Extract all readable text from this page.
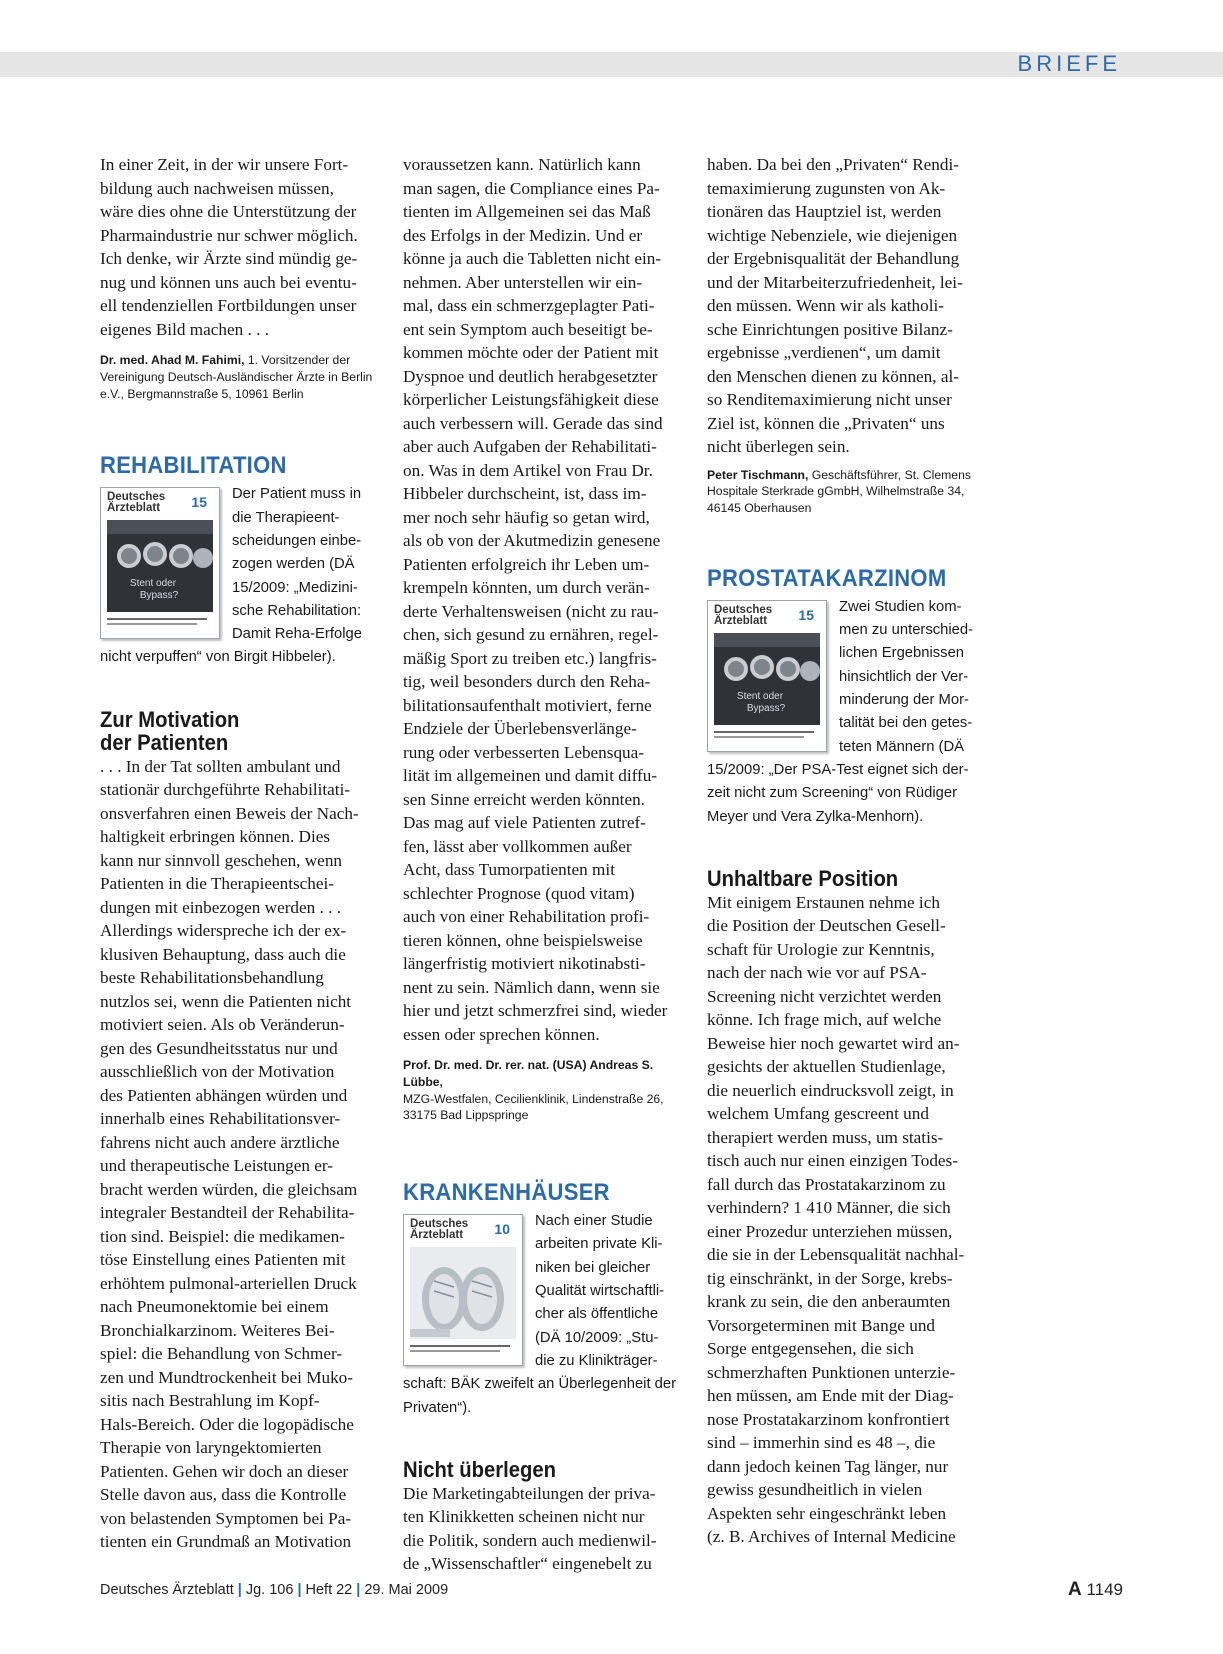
BRIEFE

In einer Zeit, in der wir unsere Fort-
bildung auch nachweisen müssen,
wäre dies ohne die Unterstützung der
Pharmaindustrie nur schwer möglich.
Ich denke, wir Ärzte sind mündig ge-
nug und können uns auch bei eventu-
ell tendenziellen Fortbildungen unser
eigenes Bild machen . . .

Dr. med. Ahad M. Fahimi, 1. Vorsitzender der
Vereinigung Deutsch-Ausländischer Ärzte in Berlin
e.V., Bergmannstraße 5, 10961 Berlin

REHABILITATION
Deutsches
Ärzteblatt	15
Stent oder
Bypass?

Der Patient muss in
die Therapieent-
scheidungen einbe-
zogen werden (DÄ
15/2009: „Medizini-
sche Rehabilitation:
Damit Reha-Erfolge

nicht verpuffen“ von Birgit Hibbeler).

Zur Motivation
der Patienten

. . . In der Tat sollten ambulant und
stationär durchgeführte Rehabilitati-
onsverfahren einen Beweis der Nach-
haltigkeit erbringen können. Dies
kann nur sinnvoll geschehen, wenn
Patienten in die Therapieentschei-
dungen mit einbezogen werden . . .
Allerdings widerspreche ich der ex-
klusiven Behauptung, dass auch die
beste Rehabilitationsbehandlung
nutzlos sei, wenn die Patienten nicht
motiviert seien. Als ob Veränderun-
gen des Gesundheitsstatus nur und
ausschließlich von der Motivation
des Patienten abhängen würden und
innerhalb eines Rehabilitationsver-
fahrens nicht auch andere ärztliche
und therapeutische Leistungen er-
bracht werden würden, die gleichsam
integraler Bestandteil der Rehabilita-
tion sind. Beispiel: die medikamen-
töse Einstellung eines Patienten mit
erhöhtem pulmonal-arteriellen Druck
nach Pneumonektomie bei einem
Bronchialkarzinom. Weiteres Bei-
spiel: die Behandlung von Schmer-
zen und Mundtrockenheit bei Muko-
sitis nach Bestrahlung im Kopf-
Hals-Bereich. Oder die logopädische
Therapie von laryngektomierten
Patienten. Gehen wir doch an dieser
Stelle davon aus, dass die Kontrolle
von belastenden Symptomen bei Pa-
tienten ein Grundmaß an Motivation

voraussetzen kann. Natürlich kann
man sagen, die Compliance eines Pa-
tienten im Allgemeinen sei das Maß
des Erfolgs in der Medizin. Und er
könne ja auch die Tabletten nicht ein-
nehmen. Aber unterstellen wir ein-
mal, dass ein schmerzgeplagter Pati-
ent sein Symptom auch beseitigt be-
kommen möchte oder der Patient mit
Dyspnoe und deutlich herabgesetzter
körperlicher Leistungsfähigkeit diese
auch verbessern will. Gerade das sind
aber auch Aufgaben der Rehabilitati-
on. Was in dem Artikel von Frau Dr.
Hibbeler durchscheint, ist, dass im-
mer noch sehr häufig so getan wird,
als ob von der Akutmedizin genesene
Patienten erfolgreich ihr Leben um-
krempeln könnten, um durch verän-
derte Verhaltensweisen (nicht zu rau-
chen, sich gesund zu ernähren, regel-
mäßig Sport zu treiben etc.) langfris-
tig, weil besonders durch den Reha-
bilitationsaufenthalt motiviert, ferne
Endziele der Überlebensverlänge-
rung oder verbesserten Lebensqua-
lität im allgemeinen und damit diffu-
sen Sinne erreicht werden könnten.
Das mag auf viele Patienten zutref-
fen, lässt aber vollkommen außer
Acht, dass Tumorpatienten mit
schlechter Prognose (quod vitam)
auch von einer Rehabilitation profi-
tieren können, ohne beispielsweise
längerfristig motiviert nikotinabsti-
nent zu sein. Nämlich dann, wenn sie
hier und jetzt schmerzfrei sind, wieder
essen oder sprechen können.

Prof. Dr. med. Dr. rer. nat. (USA) Andreas S. Lübbe,
MZG-Westfalen, Cecilienklinik, Lindenstraße 26,
33175 Bad Lippspringe

KRANKENHÄUSER
Deutsches
Ärzteblatt	10 Nach einer Studie
arbeiten private Kli-
niken bei gleicher
Qualität wirtschaftli-
cher als öffentliche
(DÄ 10/2009: „Stu-
die zu Klinikträger-

schaft: BÄK zweifelt an Überlegenheit der
Privaten“).

Nicht überlegen

Die Marketingabteilungen der priva-
ten Klinikketten scheinen nicht nur
die Politik, sondern auch medienwil-
de „Wissenschaftler“ eingenebelt zu

haben. Da bei den „Privaten“ Rendi-
temaximierung zugunsten von Ak-
tionären das Hauptziel ist, werden
wichtige Nebenziele, wie diejenigen
der Ergebnisqualität der Behandlung
und der Mitarbeiterzufriedenheit, lei-
den müssen. Wenn wir als katholi-
sche Einrichtungen positive Bilanz-
ergebnisse „verdienen“, um damit
den Menschen dienen zu können, al-
so Renditemaximierung nicht unser
Ziel ist, können die „Privaten“ uns
nicht überlegen sein.

Peter Tischmann, Geschäftsführer, St. Clemens
Hospitale Sterkrade gGmbH, Wilhelmstraße 34,
46145 Oberhausen

PROSTATAKARZINOM
Deutsches
Ärzteblatt	15
Stent oder
Bypass?

Zwei Studien kom-
men zu unterschied-
lichen Ergebnissen
hinsichtlich der Ver-
minderung der Mor-
talität bei den getes-
teten Männern (DÄ

15/2009: „Der PSA-Test eignet sich der-
zeit nicht zum Screening“ von Rüdiger
Meyer und Vera Zylka-Menhorn).

Unhaltbare Position

Mit einigem Erstaunen nehme ich
die Position der Deutschen Gesell-
schaft für Urologie zur Kenntnis,
nach der nach wie vor auf PSA-
Screening nicht verzichtet werden
könne. Ich frage mich, auf welche
Beweise hier noch gewartet wird an-
gesichts der aktuellen Studienlage,
die neuerlich eindrucksvoll zeigt, in
welchem Umfang gescreent und
therapiert werden muss, um statis-
tisch auch nur einen einzigen Todes-
fall durch das Prostatakarzinom zu
verhindern? 1 410 Männer, die sich
einer Prozedur unterziehen müssen,
die sie in der Lebensqualität nachhal-
tig einschränkt, in der Sorge, krebs-
krank zu sein, die den anberaumten
Vorsorgeterminen mit Bange und
Sorge entgegensehen, die sich
schmerzhaften Punktionen unterzie-
hen müssen, am Ende mit der Diag-
nose Prostatakarzinom konfrontiert
sind – immerhin sind es 48 –, die
dann jedoch keinen Tag länger, nur
gewiss gesundheitlich in vielen
Aspekten sehr eingeschränkt leben
(z. B. Archives of Internal Medicine

Deutsches Ärzteblatt | Jg. 106 | Heft 22 | 29. Mai 2009	A 1149
